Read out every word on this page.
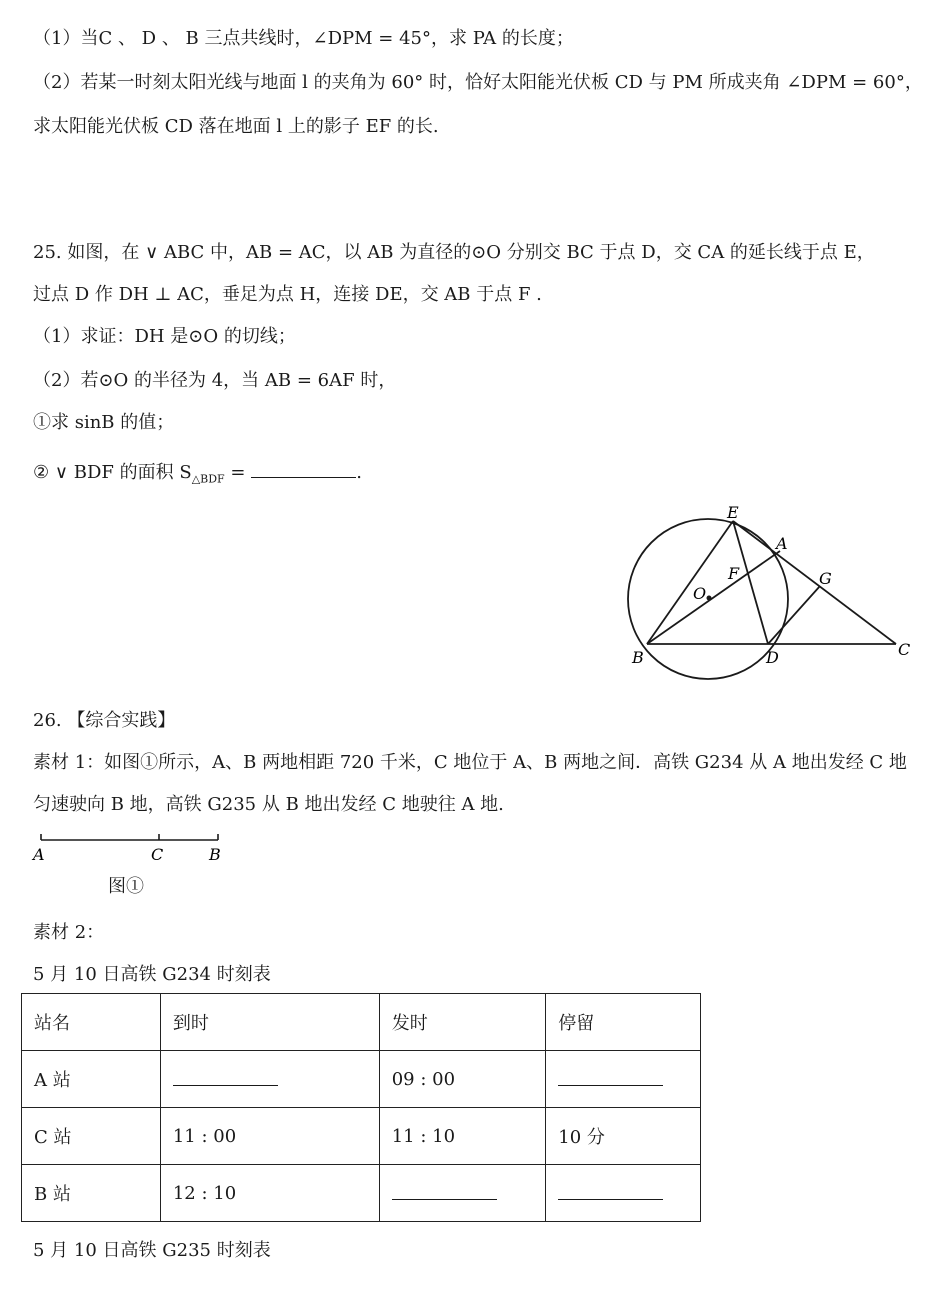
（1）当C 、 D 、 B 三点共线时，∠DPM = 45°，求 PA 的长度；
（2）若某一时刻太阳光线与地面 l 的夹角为 60° 时，恰好太阳能光伏板 CD 与 PM 所成夹角 ∠DPM = 60°，
求太阳能光伏板 CD 落在地面 l 上的影子 EF 的长.
25. 如图，在 ∨ ABC 中，AB = AC，以 AB 为直径的⊙O 分别交 BC 于点 D，交 CA 的延长线于点 E，
过点 D 作 DH ⊥ AC，垂足为点 H，连接 DE，交 AB 于点 F .
（1）求证：DH 是⊙O 的切线；
（2）若⊙O 的半径为 4，当 AB = 6AF 时，
①求 sinB 的值；
② ∨ BDF 的面积 $S_{\triangle BDF}$ =	.
E
A
F	G
O
B	D	C
26. 【综合实践】
素材 1：如图①所示，A、B 两地相距 720 千米，C 地位于 A、B 两地之间．高铁 G234 从 A 地出发经 C 地
匀速驶向 B 地，高铁 G235 从 B 地出发经 C 地驶往 A 地.
A	C	B
图①
素材 2：
5 月 10 日高铁 G234 时刻表
站名	到时	发时	停留
A 站		09 : 00	
C 站	11 : 00	11 : 10	10 分
B 站	12 : 10		
5 月 10 日高铁 G235 时刻表
